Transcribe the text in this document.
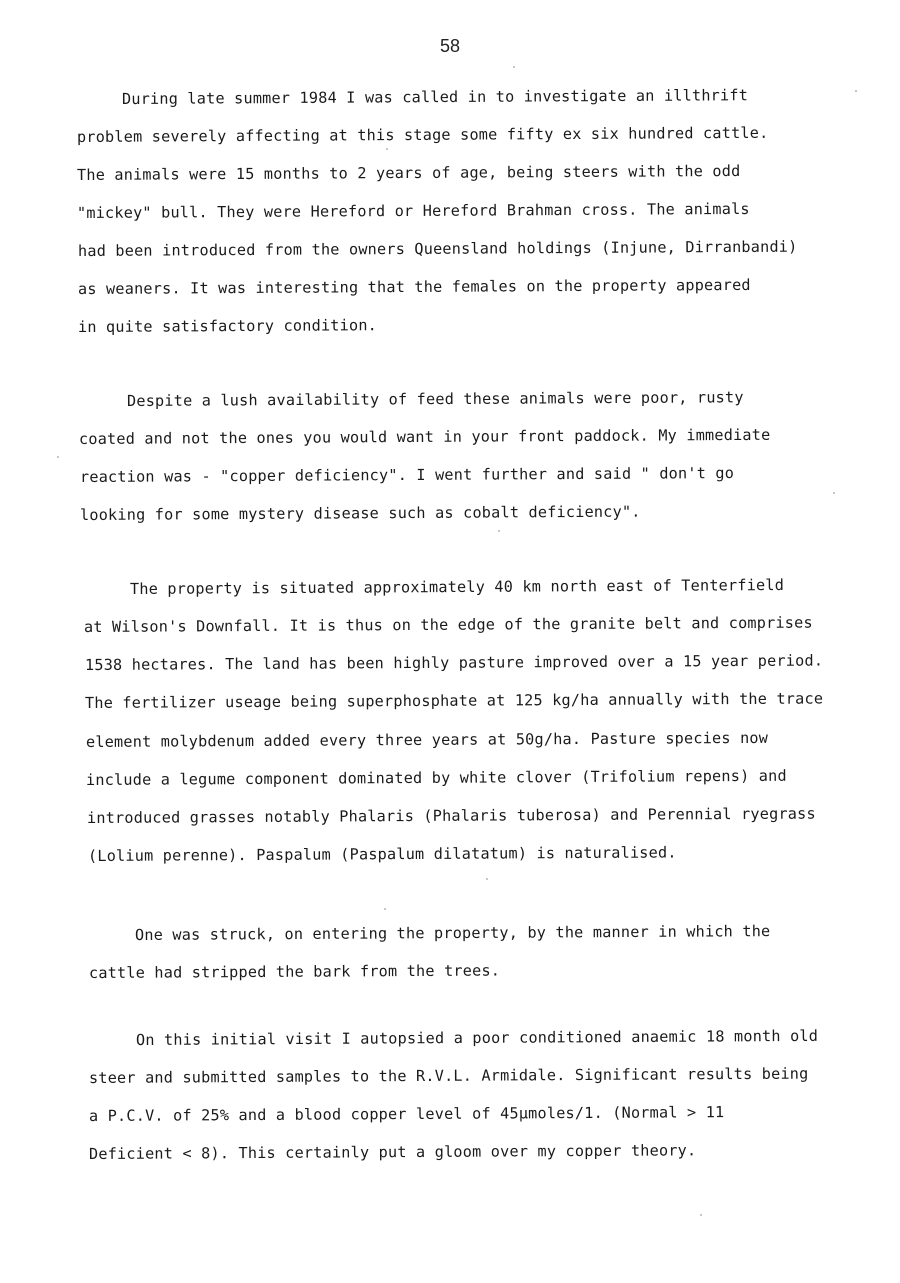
58
During late summer 1984 I was called in to investigate an illthrift
problem severely affecting at this stage some fifty ex six hundred cattle.
The animals were 15 months to 2 years of age, being steers with the odd
"mickey" bull. They were Hereford or Hereford Brahman cross. The animals
had been introduced from the owners Queensland holdings (Injune, Dirranbandi)
as weaners. It was interesting that the females on the property appeared
in quite satisfactory condition.
Despite a lush availability of feed these animals were poor, rusty
coated and not the ones you would want in your front paddock. My immediate
reaction was - "copper deficiency". I went further and said " don't go
looking for some mystery disease such as cobalt deficiency".
The property is situated approximately 40 km north east of Tenterfield
at Wilson's Downfall. It is thus on the edge of the granite belt and comprises
1538 hectares. The land has been highly pasture improved over a 15 year period.
The fertilizer useage being superphosphate at 125 kg/ha annually with the trace
element molybdenum added every three years at 50g/ha. Pasture species now
include a legume component dominated by white clover (Trifolium repens) and
introduced grasses notably Phalaris (Phalaris tuberosa) and Perennial ryegrass
(Lolium perenne). Paspalum (Paspalum dilatatum) is naturalised.
One was struck, on entering the property, by the manner in which the
cattle had stripped the bark from the trees.
On this initial visit I autopsied a poor conditioned anaemic 18 month old
steer and submitted samples to the R.V.L. Armidale. Significant results being
a P.C.V. of 25% and a blood copper level of 45μmoles/1. (Normal > 11
Deficient < 8). This certainly put a gloom over my copper theory.
